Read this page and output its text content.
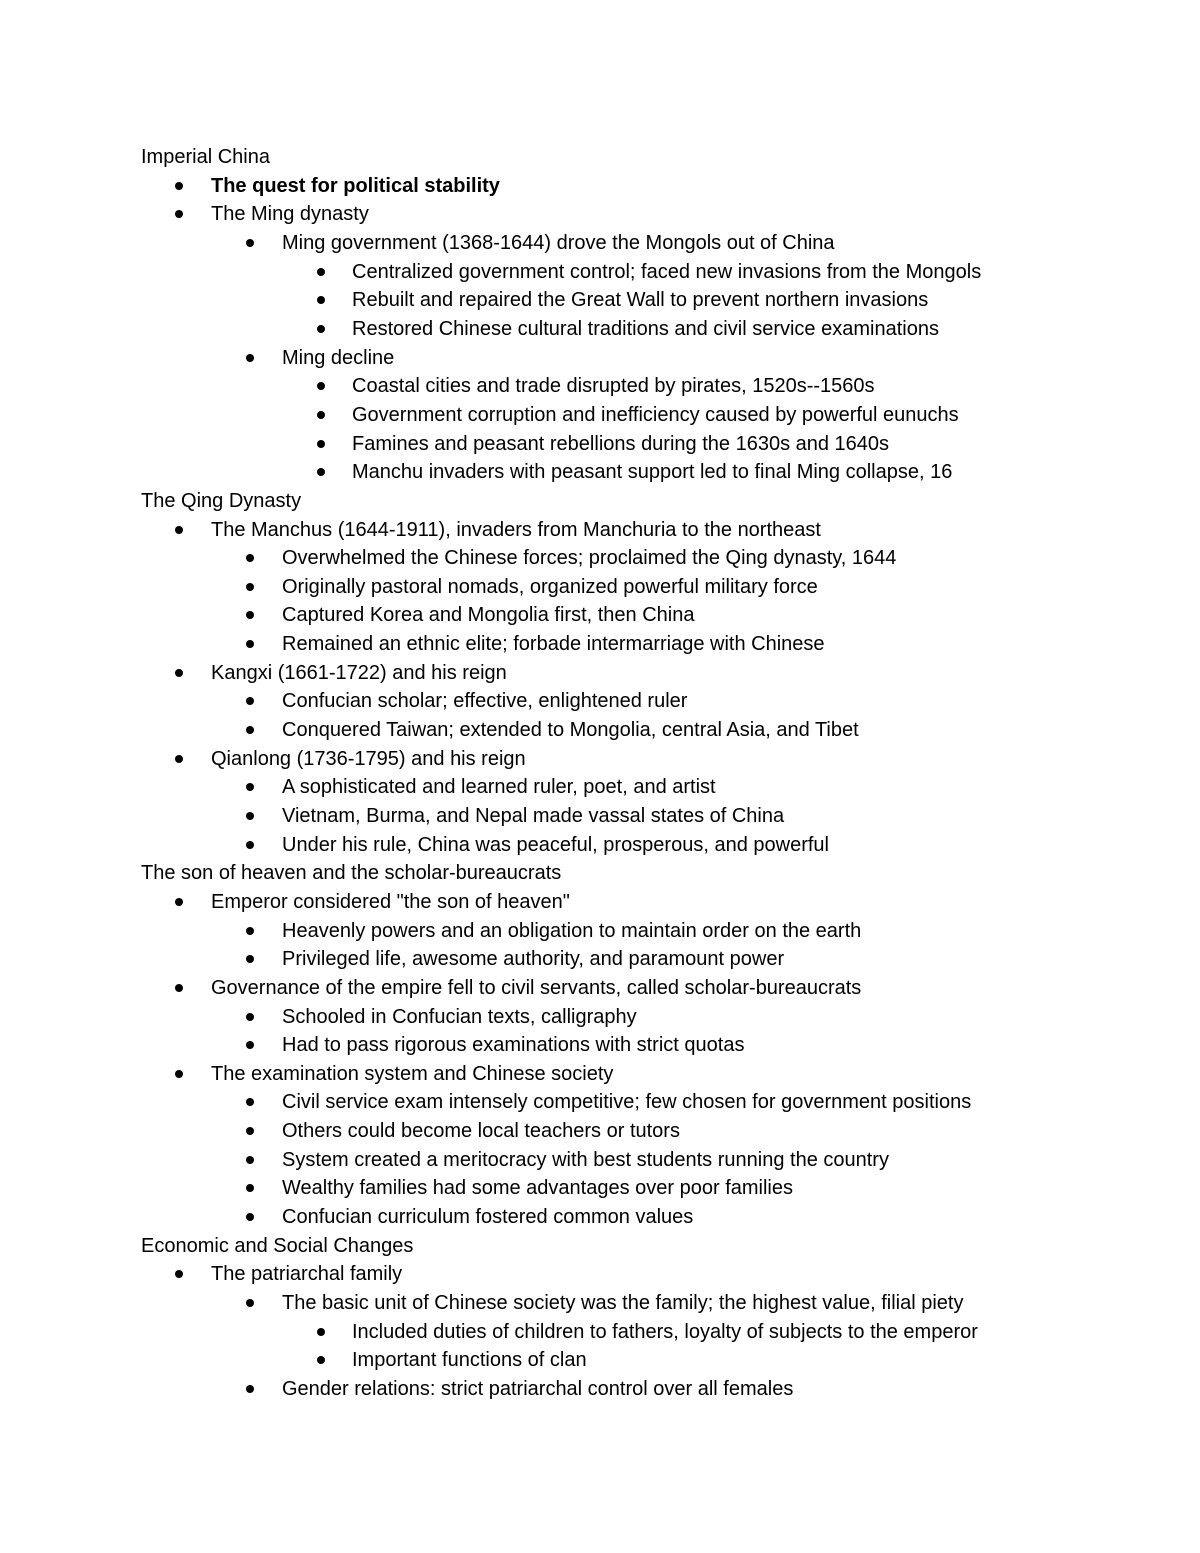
Imperial China
The quest for political stability
The Ming dynasty
Ming government (1368-1644) drove the Mongols out of China
Centralized government control; faced new invasions from the Mongols
Rebuilt and repaired the Great Wall to prevent northern invasions
Restored Chinese cultural traditions and civil service examinations
Ming decline
Coastal cities and trade disrupted by pirates, 1520s--1560s
Government corruption and inefficiency caused by powerful eunuchs
Famines and peasant rebellions during the 1630s and 1640s
Manchu invaders with peasant support led to final Ming collapse, 16
The Qing Dynasty
The Manchus (1644-1911), invaders from Manchuria to the northeast
Overwhelmed the Chinese forces; proclaimed the Qing dynasty, 1644
Originally pastoral nomads, organized powerful military force
Captured Korea and Mongolia first, then China
Remained an ethnic elite; forbade intermarriage with Chinese
Kangxi (1661-1722) and his reign
Confucian scholar; effective, enlightened ruler
Conquered Taiwan; extended to Mongolia, central Asia, and Tibet
Qianlong (1736-1795) and his reign
A sophisticated and learned ruler, poet, and artist
Vietnam, Burma, and Nepal made vassal states of China
Under his rule, China was peaceful, prosperous, and powerful
The son of heaven and the scholar-bureaucrats
Emperor considered "the son of heaven"
Heavenly powers and an obligation to maintain order on the earth
Privileged life, awesome authority, and paramount power
Governance of the empire fell to civil servants, called scholar-bureaucrats
Schooled in Confucian texts, calligraphy
Had to pass rigorous examinations with strict quotas
The examination system and Chinese society
Civil service exam intensely competitive; few chosen for government positions
Others could become local teachers or tutors
System created a meritocracy with best students running the country
Wealthy families had some advantages over poor families
Confucian curriculum fostered common values
Economic and Social Changes
The patriarchal family
The basic unit of Chinese society was the family; the highest value, filial piety
Included duties of children to fathers, loyalty of subjects to the emperor
Important functions of clan
Gender relations: strict patriarchal control over all females
